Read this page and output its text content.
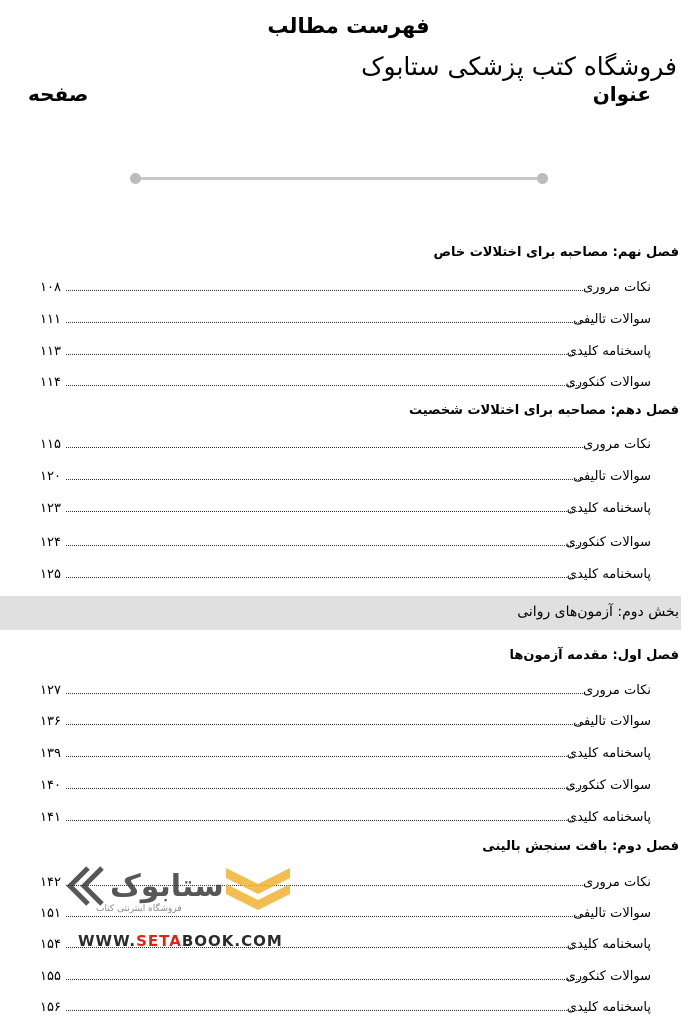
فهرست مطالب
فروشگاه کتب پزشکی ستابوک
عنوان
صفحه
فصل نهم: مصاحبه برای اختلالات خاص
نکات مروری
۱۰۸
سوالات تالیفی
۱۱۱
پاسخنامه کلیدی
۱۱۳
سوالات کنکوری
۱۱۴
فصل دهم: مصاحبه برای اختلالات شخصیت
نکات مروری
۱۱۵
سوالات تالیفی
۱۲۰
پاسخنامه کلیدی
۱۲۳
سوالات کنکوری
۱۲۴
پاسخنامه کلیدی
۱۲۵
بخش دوم: آزمون‌های روانی
فصل اول: مقدمه آزمون‌ها
نکات مروری
۱۲۷
سوالات تالیفی
۱۳۶
پاسخنامه کلیدی
۱۳۹
سوالات کنکوری
۱۴۰
پاسخنامه کلیدی
۱۴۱
فصل دوم: بافت سنجش بالینی
نکات مروری
۱۴۲
سوالات تالیفی
۱۵۱
پاسخنامه کلیدی
۱۵۴
سوالات کنکوری
۱۵۵
پاسخنامه کلیدی
۱۵۶
ستابوک
فروشگاه اینترنتی کتاب
WWW.SETABOOK.COM
